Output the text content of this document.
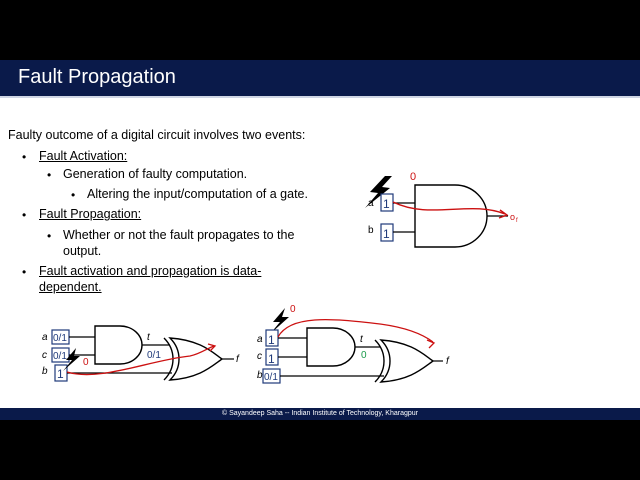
Fault Propagation
Faulty outcome of a digital circuit involves two events:
• Fault Activation:
• Generation of faulty computation.
• Altering the input/computation of a gate.
• Fault Propagation:
• Whether or not the fault propagates to the
output.
• Fault activation and propagation is data-
dependent.
0
a
b
1
1
o f
a
c
b
0/1
0/1
1
t
0/1	f
0
0
a
c
b
1
1
0/1
t
0
f
© Sayandeep Saha -- Indian Institute of Technology, Kharagpur
